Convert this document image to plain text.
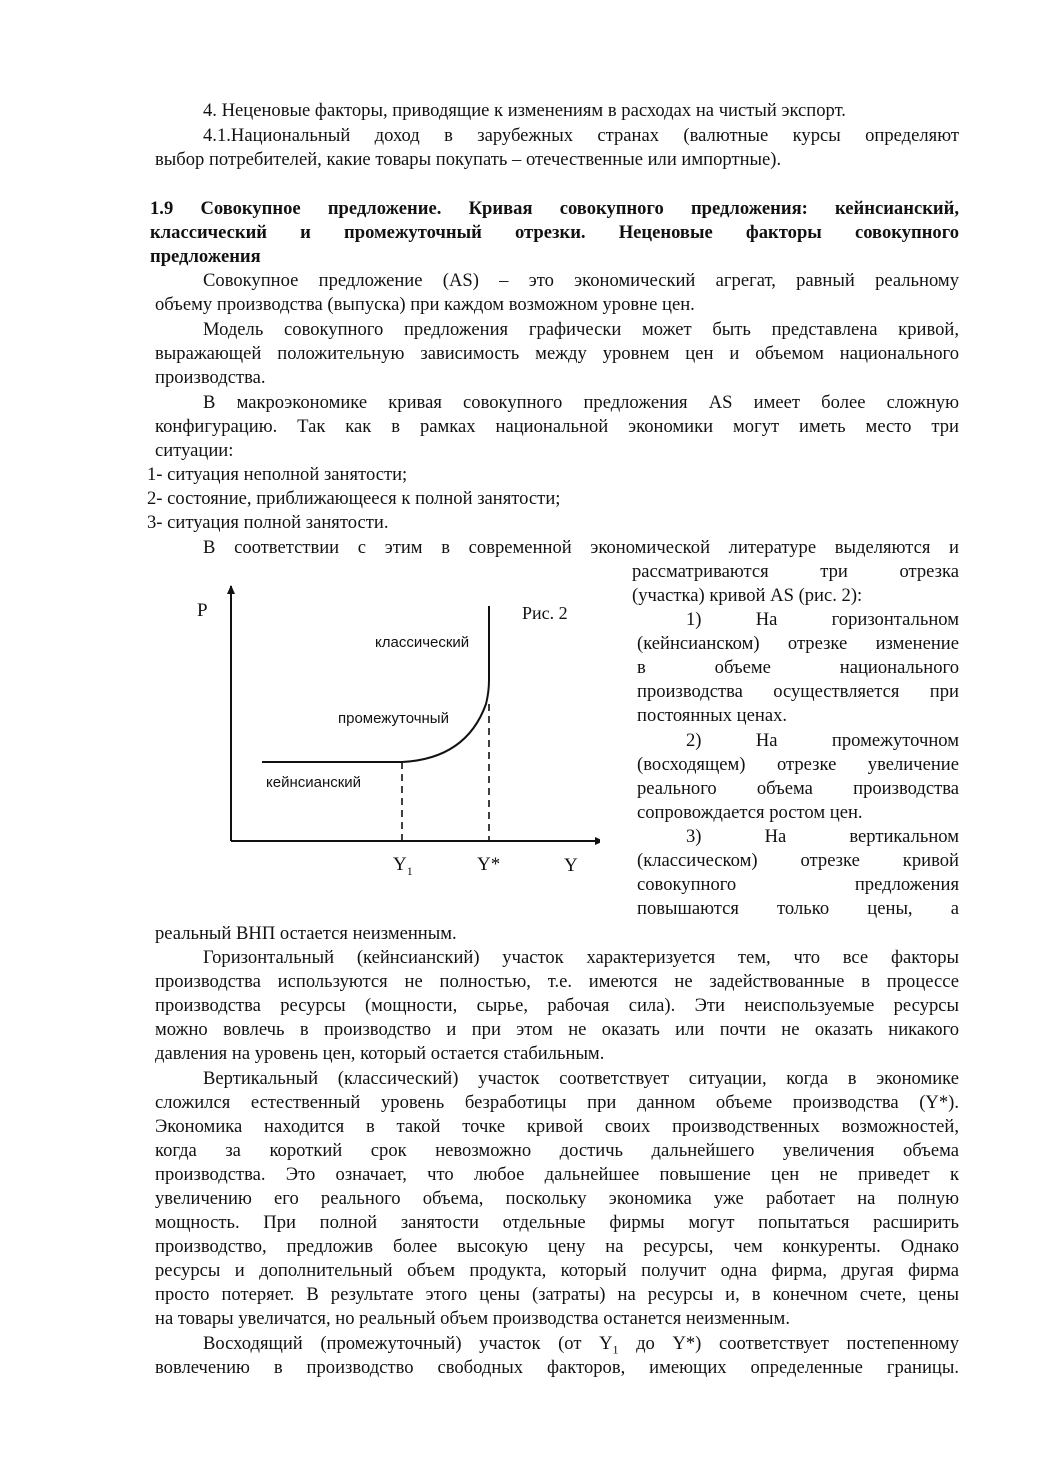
4. Неценовые факторы, приводящие к изменениям в расходах на чистый экспорт.
4.1.Национальный доход в зарубежных странах (валютные курсы определяют
выбор потребителей, какие товары покупать – отечественные или импортные).
1.9 Совокупное предложение. Кривая совокупного предложения: кейнсианский,
классический и промежуточный отрезки. Неценовые факторы совокупного
предложения
Совокупное предложение (AS) – это экономический агрегат, равный реальному
объему производства (выпуска) при каждом возможном уровне цен.
Модель совокупного предложения графически может быть представлена кривой,
выражающей положительную зависимость между уровнем цен и объемом национального
производства.
В макроэкономике кривая совокупного предложения AS имеет более сложную
конфигурацию. Так как в рамках национальной экономики могут иметь место три
ситуации:
1- ситуация неполной занятости;
2- состояние, приближающееся к полной занятости;
3- ситуация полной занятости.
В соответствии с этим в современной экономической литературе выделяются и
рассматриваются три отрезка
(участка) кривой AS (рис. 2):
1) На горизонтальном
(кейнсианском) отрезке изменение
в объеме национального
производства осуществляется при
постоянных ценах.
2) На промежуточном
(восходящем) отрезке увеличение
реального объема производства
сопровождается ростом цен.
3) На вертикальном
(классическом) отрезке кривой
совокупного предложения
повышаются только цены, а
P	Рис. 2
классический
промежуточный
кейнсианский
$Y_1$	Y*	Y
реальный ВНП остается неизменным.
Горизонтальный (кейнсианский) участок характеризуется тем, что все факторы
производства используются не полностью, т.е. имеются не задействованные в процессе
производства ресурсы (мощности, сырье, рабочая сила). Эти неиспользуемые ресурсы
можно вовлечь в производство и при этом не оказать или почти не оказать никакого
давления на уровень цен, который остается стабильным.
Вертикальный (классический) участок соответствует ситуации, когда в экономике
сложился естественный уровень безработицы при данном объеме производства (Y*).
Экономика находится в такой точке кривой своих производственных возможностей,
когда за короткий срок невозможно достичь дальнейшего увеличения объема
производства. Это означает, что любое дальнейшее повышение цен не приведет к
увеличению его реального объема, поскольку экономика уже работает на полную
мощность. При полной занятости отдельные фирмы могут попытаться расширить
производство, предложив более высокую цену на ресурсы, чем конкуренты. Однако
ресурсы и дополнительный объем продукта, который получит одна фирма, другая фирма
просто потеряет. В результате этого цены (затраты) на ресурсы и, в конечном счете, цены
на товары увеличатся, но реальный объем производства останется неизменным.
Восходящий (промежуточный) участок (от $Y_1$ до Y*) соответствует постепенному
вовлечению в производство свободных факторов, имеющих определенные границы.
